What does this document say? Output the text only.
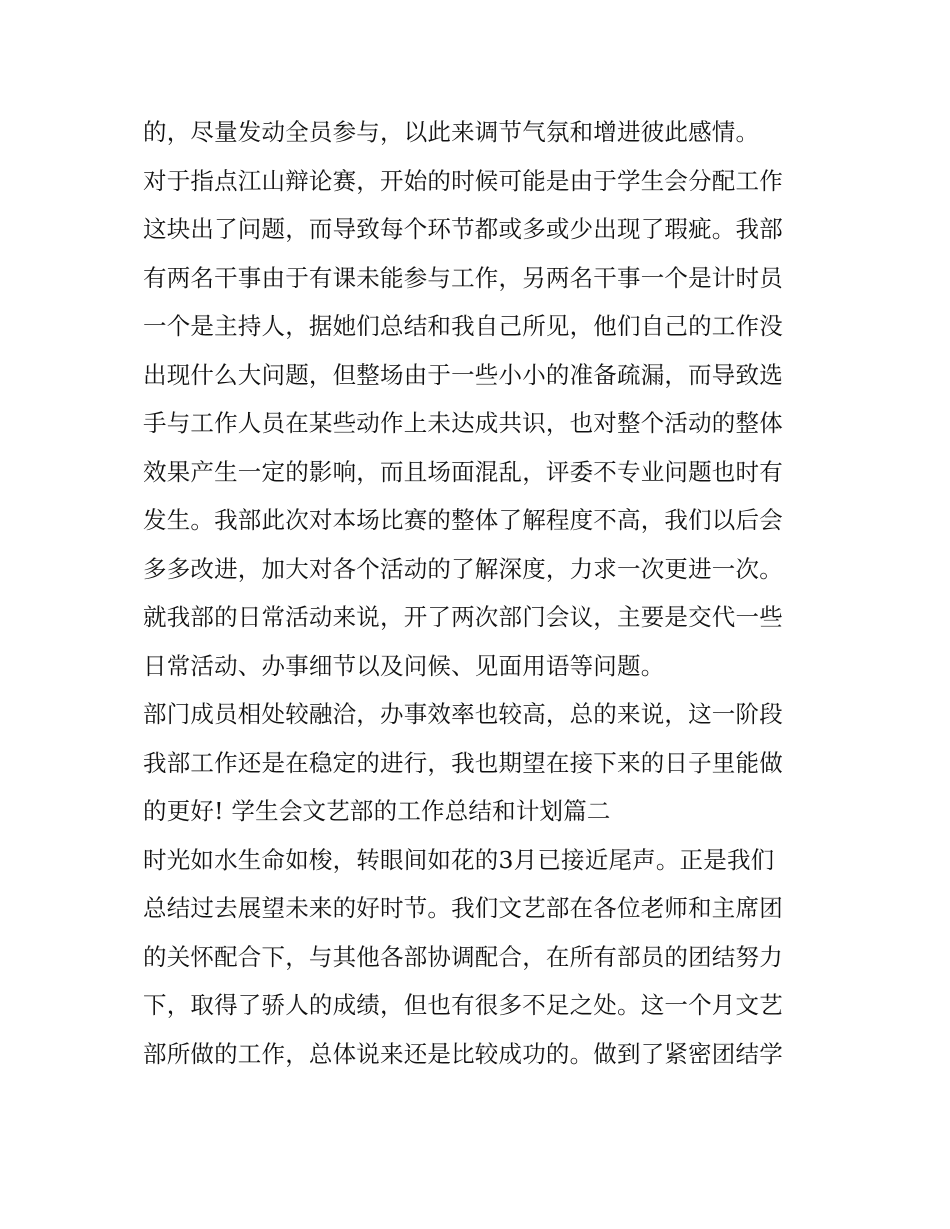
的，尽量发动全员参与，以此来调节气氛和增进彼此感情。
对于指点江山辩论赛，开始的时候可能是由于学生会分配工作
这块出了问题，而导致每个环节都或多或少出现了瑕疵。我部
有两名干事由于有课未能参与工作，另两名干事一个是计时员
一个是主持人，据她们总结和我自己所见，他们自己的工作没
出现什么大问题，但整场由于一些小小的准备疏漏，而导致选
手与工作人员在某些动作上未达成共识，也对整个活动的整体
效果产生一定的影响，而且场面混乱，评委不专业问题也时有
发生。我部此次对本场比赛的整体了解程度不高，我们以后会
多多改进，加大对各个活动的了解深度，力求一次更进一次。
就我部的日常活动来说，开了两次部门会议，主要是交代一些
日常活动、办事细节以及问候、见面用语等问题。
部门成员相处较融洽，办事效率也较高，总的来说，这一阶段
我部工作还是在稳定的进行，我也期望在接下来的日子里能做
的更好! 学生会文艺部的工作总结和计划篇二
时光如水生命如梭，转眼间如花的3月已接近尾声。正是我们
总结过去展望未来的好时节。我们文艺部在各位老师和主席团
的关怀配合下，与其他各部协调配合，在所有部员的团结努力
下，取得了骄人的成绩，但也有很多不足之处。这一个月文艺
部所做的工作，总体说来还是比较成功的。做到了紧密团结学
